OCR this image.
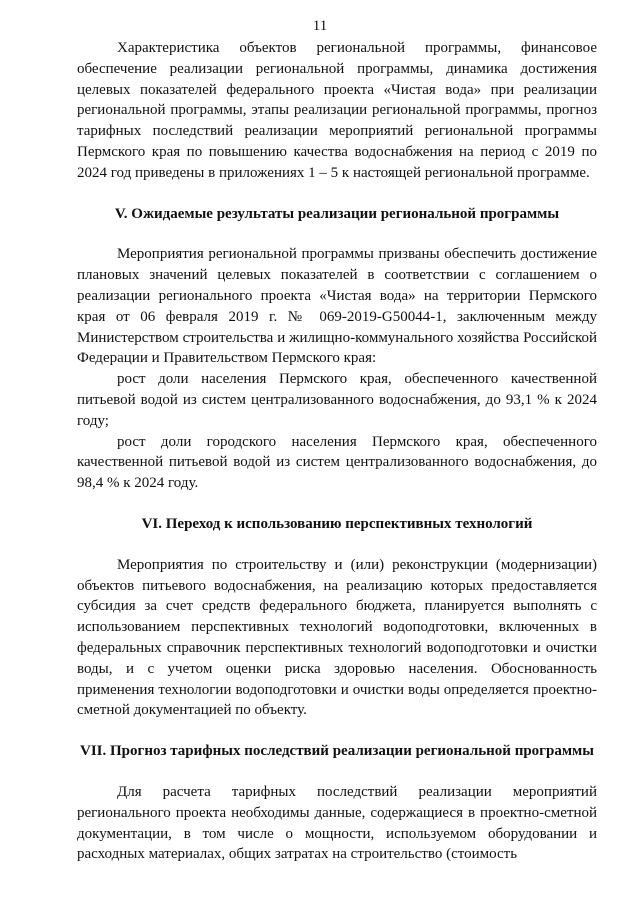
11

Характеристика объектов региональной программы, финансовое обеспечение реализации региональной программы, динамика достижения целевых показателей федерального проекта «Чистая вода» при реализации региональной программы, этапы реализации региональной программы, прогноз тарифных последствий реализации мероприятий региональной программы Пермского края по повышению качества водоснабжения на период с 2019 по 2024 год приведены в приложениях 1 – 5 к настоящей региональной программе.

V. Ожидаемые результаты реализации региональной программы

Мероприятия региональной программы призваны обеспечить достижение плановых значений целевых показателей в соответствии с соглашением о реализации регионального проекта «Чистая вода» на территории Пермского края от 06 февраля 2019 г. № 069-2019-G50044-1, заключенным между Министерством строительства и жилищно-коммунального хозяйства Российской Федерации и Правительством Пермского края:

рост доли населения Пермского края, обеспеченного качественной питьевой водой из систем централизованного водоснабжения, до 93,1 % к 2024 году;

рост доли городского населения Пермского края, обеспеченного качественной питьевой водой из систем централизованного водоснабжения, до 98,4 % к 2024 году.

VI. Переход к использованию перспективных технологий

Мероприятия по строительству и (или) реконструкции (модернизации) объектов питьевого водоснабжения, на реализацию которых предоставляется субсидия за счет средств федерального бюджета, планируется выполнять с использованием перспективных технологий водоподготовки, включенных в федеральных справочник перспективных технологий водоподготовки и очистки воды, и с учетом оценки риска здоровью населения. Обоснованность применения технологии водоподготовки и очистки воды определяется проектно-сметной документацией по объекту.

VII. Прогноз тарифных последствий реализации региональной программы

Для расчета тарифных последствий реализации мероприятий регионального проекта необходимы данные, содержащиеся в проектно-сметной документации, в том числе о мощности, используемом оборудовании и расходных материалах, общих затратах на строительство (стоимость
